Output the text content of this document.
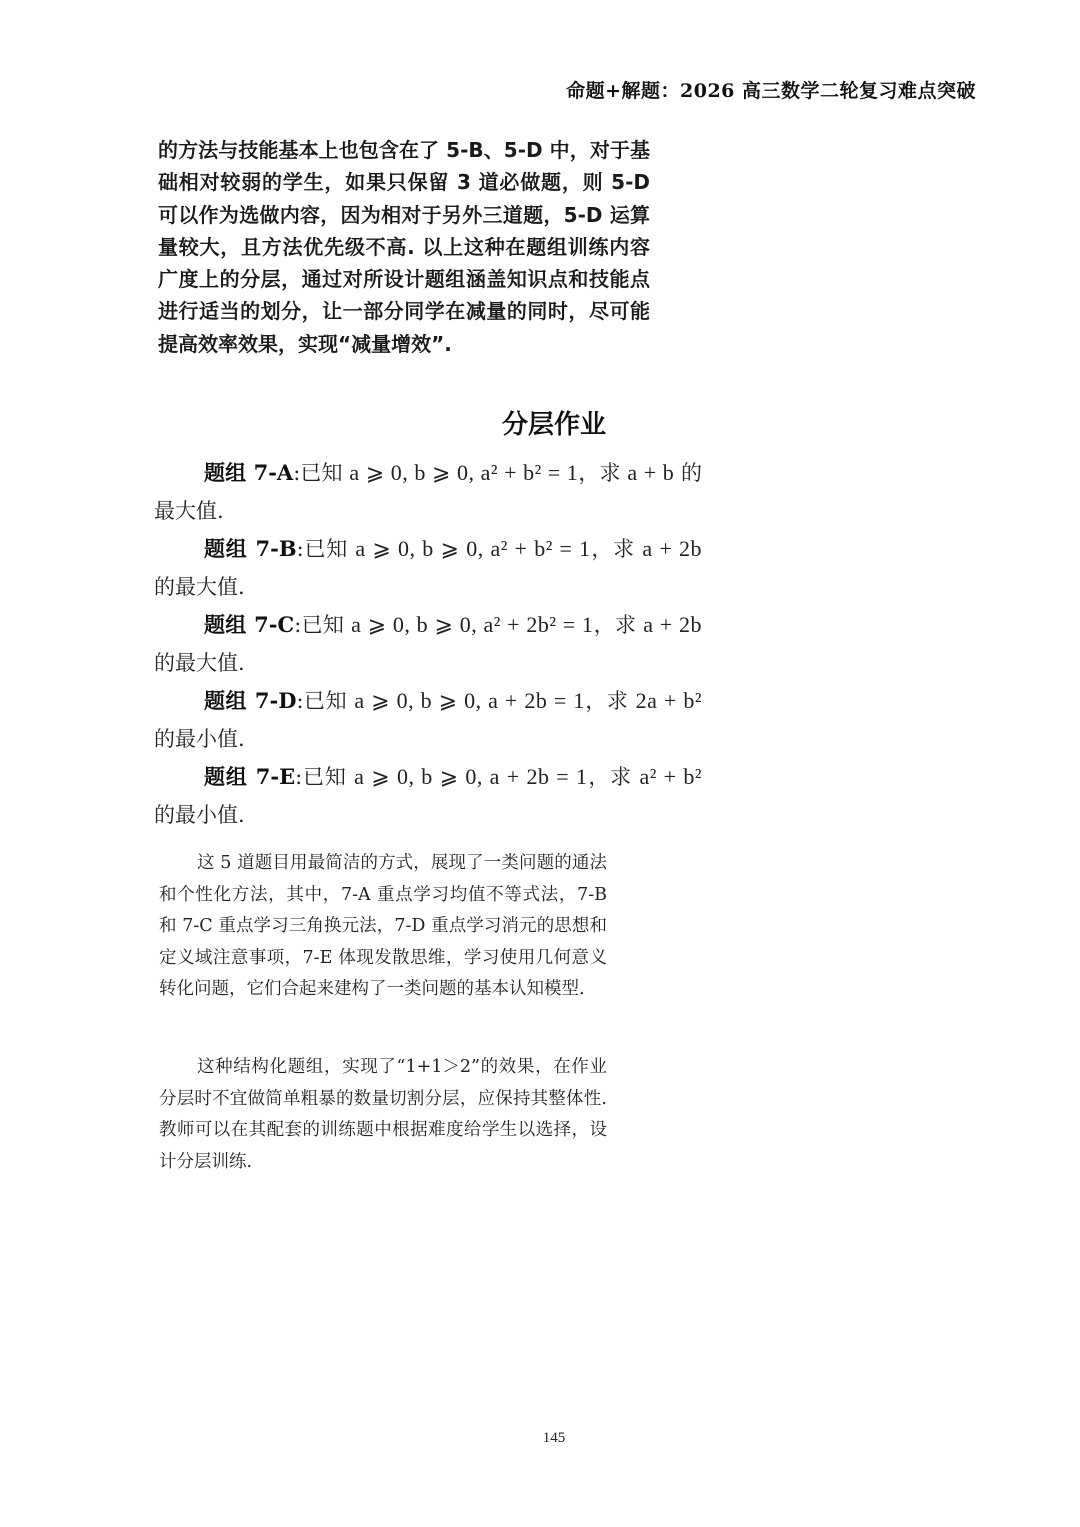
命题+解题：2026 高三数学二轮复习难点突破

的方法与技能基本上也包含在了 5-B、5-D 中，对于基础相对较弱的学生，如果只保留 3 道必做题，则 5-D 可以作为选做内容，因为相对于另外三道题，5-D 运算量较大，且方法优先级不高. 以上这种在题组训练内容广度上的分层，通过对所设计题组涵盖知识点和技能点进行适当的划分，让一部分同学在减量的同时，尽可能提高效率效果，实现“减量增效”.

分层作业
题组 7-A:已知 a ⩾ 0, b ⩾ 0, a² + b² = 1，求 a + b 的最大值.
题组 7-B:已知 a ⩾ 0, b ⩾ 0, a² + b² = 1，求 a + 2b 的最大值.
题组 7-C:已知 a ⩾ 0, b ⩾ 0, a² + 2b² = 1，求 a + 2b 的最大值.
题组 7-D:已知 a ⩾ 0, b ⩾ 0, a + 2b = 1，求 2a + b² 的最小值.
题组 7-E:已知 a ⩾ 0, b ⩾ 0, a + 2b = 1，求 a² + b² 的最小值.

这 5 道题目用最简洁的方式，展现了一类问题的通法和个性化方法，其中，7-A 重点学习均值不等式法，7-B 和 7-C 重点学习三角换元法，7-D 重点学习消元的思想和定义域注意事项，7-E 体现发散思维，学习使用几何意义转化问题，它们合起来建构了一类问题的基本认知模型.

这种结构化题组，实现了“1+1＞2”的效果，在作业分层时不宜做简单粗暴的数量切割分层，应保持其整体性. 教师可以在其配套的训练题中根据难度给学生以选择，设计分层训练.

145
